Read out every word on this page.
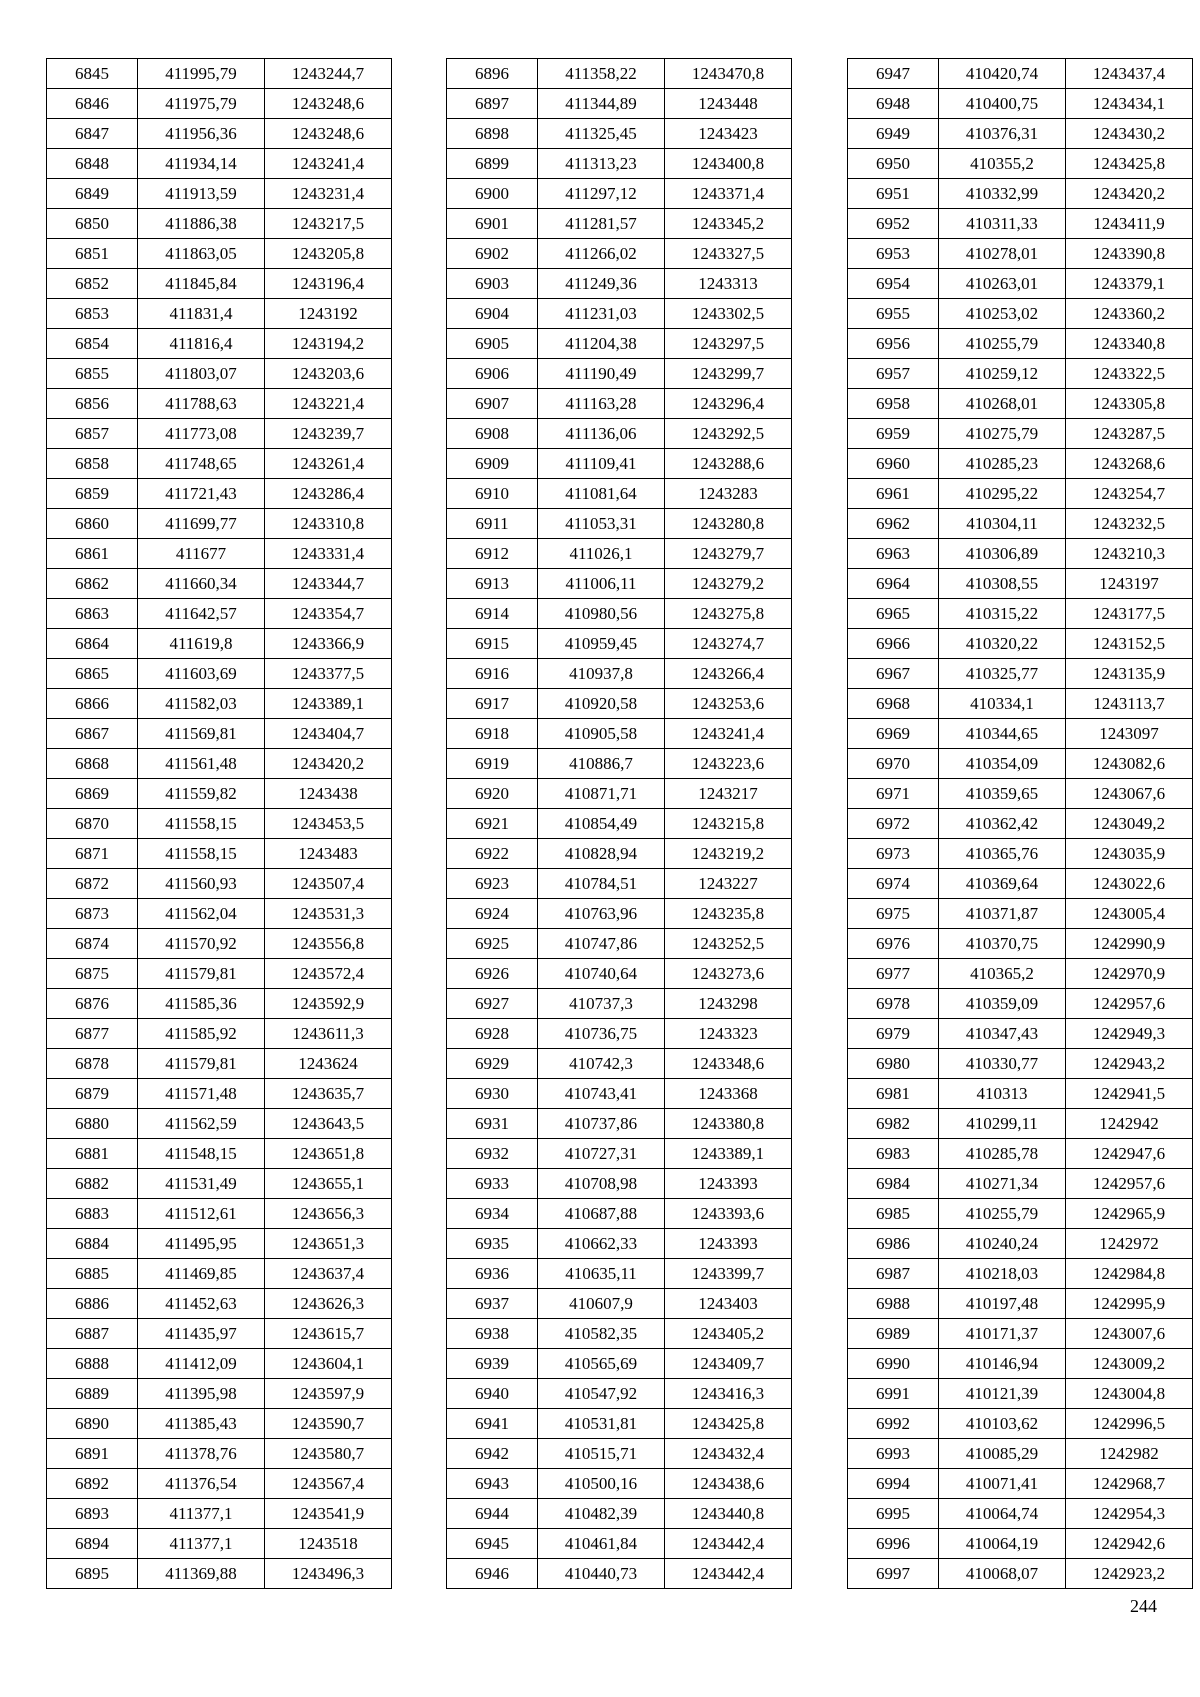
6845	411995,79	1243244,7
6846	411975,79	1243248,6
6847	411956,36	1243248,6
6848	411934,14	1243241,4
6849	411913,59	1243231,4
6850	411886,38	1243217,5
6851	411863,05	1243205,8
6852	411845,84	1243196,4
6853	411831,4	1243192
6854	411816,4	1243194,2
6855	411803,07	1243203,6
6856	411788,63	1243221,4
6857	411773,08	1243239,7
6858	411748,65	1243261,4
6859	411721,43	1243286,4
6860	411699,77	1243310,8
6861	411677	1243331,4
6862	411660,34	1243344,7
6863	411642,57	1243354,7
6864	411619,8	1243366,9
6865	411603,69	1243377,5
6866	411582,03	1243389,1
6867	411569,81	1243404,7
6868	411561,48	1243420,2
6869	411559,82	1243438
6870	411558,15	1243453,5
6871	411558,15	1243483
6872	411560,93	1243507,4
6873	411562,04	1243531,3
6874	411570,92	1243556,8
6875	411579,81	1243572,4
6876	411585,36	1243592,9
6877	411585,92	1243611,3
6878	411579,81	1243624
6879	411571,48	1243635,7
6880	411562,59	1243643,5
6881	411548,15	1243651,8
6882	411531,49	1243655,1
6883	411512,61	1243656,3
6884	411495,95	1243651,3
6885	411469,85	1243637,4
6886	411452,63	1243626,3
6887	411435,97	1243615,7
6888	411412,09	1243604,1
6889	411395,98	1243597,9
6890	411385,43	1243590,7
6891	411378,76	1243580,7
6892	411376,54	1243567,4
6893	411377,1	1243541,9
6894	411377,1	1243518
6895	411369,88	1243496,3
6896	411358,22	1243470,8
6897	411344,89	1243448
6898	411325,45	1243423
6899	411313,23	1243400,8
6900	411297,12	1243371,4
6901	411281,57	1243345,2
6902	411266,02	1243327,5
6903	411249,36	1243313
6904	411231,03	1243302,5
6905	411204,38	1243297,5
6906	411190,49	1243299,7
6907	411163,28	1243296,4
6908	411136,06	1243292,5
6909	411109,41	1243288,6
6910	411081,64	1243283
6911	411053,31	1243280,8
6912	411026,1	1243279,7
6913	411006,11	1243279,2
6914	410980,56	1243275,8
6915	410959,45	1243274,7
6916	410937,8	1243266,4
6917	410920,58	1243253,6
6918	410905,58	1243241,4
6919	410886,7	1243223,6
6920	410871,71	1243217
6921	410854,49	1243215,8
6922	410828,94	1243219,2
6923	410784,51	1243227
6924	410763,96	1243235,8
6925	410747,86	1243252,5
6926	410740,64	1243273,6
6927	410737,3	1243298
6928	410736,75	1243323
6929	410742,3	1243348,6
6930	410743,41	1243368
6931	410737,86	1243380,8
6932	410727,31	1243389,1
6933	410708,98	1243393
6934	410687,88	1243393,6
6935	410662,33	1243393
6936	410635,11	1243399,7
6937	410607,9	1243403
6938	410582,35	1243405,2
6939	410565,69	1243409,7
6940	410547,92	1243416,3
6941	410531,81	1243425,8
6942	410515,71	1243432,4
6943	410500,16	1243438,6
6944	410482,39	1243440,8
6945	410461,84	1243442,4
6946	410440,73	1243442,4
6947	410420,74	1243437,4
6948	410400,75	1243434,1
6949	410376,31	1243430,2
6950	410355,2	1243425,8
6951	410332,99	1243420,2
6952	410311,33	1243411,9
6953	410278,01	1243390,8
6954	410263,01	1243379,1
6955	410253,02	1243360,2
6956	410255,79	1243340,8
6957	410259,12	1243322,5
6958	410268,01	1243305,8
6959	410275,79	1243287,5
6960	410285,23	1243268,6
6961	410295,22	1243254,7
6962	410304,11	1243232,5
6963	410306,89	1243210,3
6964	410308,55	1243197
6965	410315,22	1243177,5
6966	410320,22	1243152,5
6967	410325,77	1243135,9
6968	410334,1	1243113,7
6969	410344,65	1243097
6970	410354,09	1243082,6
6971	410359,65	1243067,6
6972	410362,42	1243049,2
6973	410365,76	1243035,9
6974	410369,64	1243022,6
6975	410371,87	1243005,4
6976	410370,75	1242990,9
6977	410365,2	1242970,9
6978	410359,09	1242957,6
6979	410347,43	1242949,3
6980	410330,77	1242943,2
6981	410313	1242941,5
6982	410299,11	1242942
6983	410285,78	1242947,6
6984	410271,34	1242957,6
6985	410255,79	1242965,9
6986	410240,24	1242972
6987	410218,03	1242984,8
6988	410197,48	1242995,9
6989	410171,37	1243007,6
6990	410146,94	1243009,2
6991	410121,39	1243004,8
6992	410103,62	1242996,5
6993	410085,29	1242982
6994	410071,41	1242968,7
6995	410064,74	1242954,3
6996	410064,19	1242942,6
6997	410068,07	1242923,2
244
